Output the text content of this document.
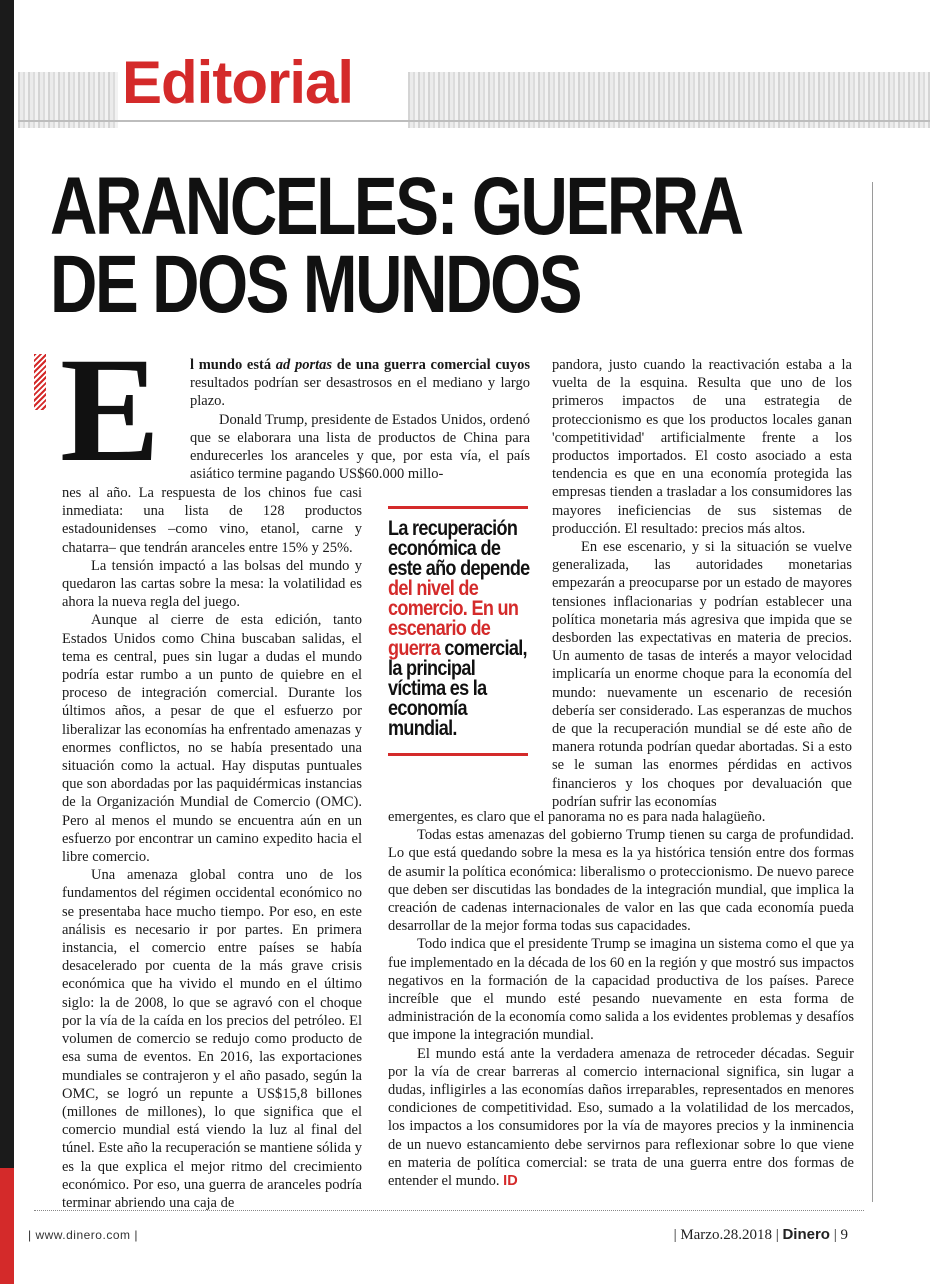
Editorial
ARANCELES: GUERRA
DE DOS MUNDOS
E l mundo está ad portas de una guerra comercial cuyos resultados podrían ser desastrosos en el mediano y largo plazo.

Donald Trump, presidente de Estados Unidos, ordenó que se elaborara una lista de productos de China para endurecerles los aranceles y que, por esta vía, el país asiático termine pagando US$60.000 millo-

nes al año. La respuesta de los chinos fue casi inmediata: una lista de 128 productos estadounidenses –como vino, etanol, carne y chatarra– que tendrán aranceles entre 15% y 25%.

La tensión impactó a las bolsas del mundo y quedaron las cartas sobre la mesa: la volatilidad es ahora la nueva regla del juego.

Aunque al cierre de esta edición, tanto Estados Unidos como China buscaban salidas, el tema es central, pues sin lugar a dudas el mundo podría estar rumbo a un punto de quiebre en el proceso de integración comercial. Durante los últimos años, a pesar de que el esfuerzo por liberalizar las economías ha enfrentado amenazas y enormes conflictos, no se había presentado una situación como la actual. Hay disputas puntuales que son abordadas por las paquidérmicas instancias de la Organización Mundial de Comercio (OMC). Pero al menos el mundo se encuentra aún en un esfuerzo por encontrar un camino expedito hacia el libre comercio.

Una amenaza global contra uno de los fundamentos del régimen occidental económico no se presentaba hace mucho tiempo. Por eso, en este análisis es necesario ir por partes. En primera instancia, el comercio entre países se había desacelerado por cuenta de la más grave crisis económica que ha vivido el mundo en el último siglo: la de 2008, lo que se agravó con el choque por la vía de la caída en los precios del petróleo. El volumen de comercio se redujo como producto de esa suma de eventos. En 2016, las exportaciones mundiales se contrajeron y el año pasado, según la OMC, se logró un repunte a US$15,8 billones (millones de millones), lo que significa que el comercio mundial está viendo la luz al final del túnel. Este año la recuperación se mantiene sólida y es la que explica el mejor ritmo del crecimiento económico. Por eso, una guerra de aranceles podría terminar abriendo una caja de

La recuperación económica de este año depende del nivel de comercio. En un escenario de guerra comercial, la principal víctima es la economía mundial.

pandora, justo cuando la reactivación estaba a la vuelta de la esquina. Resulta que uno de los primeros impactos de una estrategia de proteccionismo es que los productos locales ganan 'competitividad' artificialmente frente a los productos importados. El costo asociado a esta tendencia es que en una economía protegida las empresas tienden a trasladar a los consumidores las mayores ineficiencias de sus sistemas de producción. El resultado: precios más altos.

En ese escenario, y si la situación se vuelve generalizada, las autoridades monetarias empezarán a preocuparse por un estado de mayores tensiones inflacionarias y podrían establecer una política monetaria más agresiva que impida que se desborden las expectativas en materia de precios. Un aumento de tasas de interés a mayor velocidad implicaría un enorme choque para la economía del mundo: nuevamente un escenario de recesión debería ser considerado. Las esperanzas de muchos de que la recuperación mundial se dé este año de manera rotunda podrían quedar abortadas. Si a esto se le suman las enormes pérdidas en activos financieros y los choques por devaluación que podrían sufrir las economías

emergentes, es claro que el panorama no es para nada halagüeño.

Todas estas amenazas del gobierno Trump tienen su carga de profundidad. Lo que está quedando sobre la mesa es la ya histórica tensión entre dos formas de asumir la política económica: liberalismo o proteccionismo. De nuevo parece que deben ser discutidas las bondades de la integración mundial, que implica la creación de cadenas internacionales de valor en las que cada economía pueda desarrollar de la mejor forma todas sus capacidades.

Todo indica que el presidente Trump se imagina un sistema como el que ya fue implementado en la década de los 60 en la región y que mostró sus impactos negativos en la formación de la capacidad productiva de los países. Parece increíble que el mundo esté pesando nuevamente en esta forma de administración de la economía como salida a los evidentes problemas y desafíos que impone la integración mundial.

El mundo está ante la verdadera amenaza de retroceder décadas. Seguir por la vía de crear barreras al comercio internacional significa, sin lugar a dudas, infligirles a las economías daños irreparables, representados en menores condiciones de competitividad. Eso, sumado a la volatilidad de los mercados, los impactos a los consumidores por la vía de mayores precios y la inminencia de un nuevo estancamiento debe servirnos para reflexionar sobre lo que viene en materia de política comercial: se trata de una guerra entre dos formas de entender el mundo. ID

| www.dinero.com |	| Marzo.28.2018 | Dinero | 9
